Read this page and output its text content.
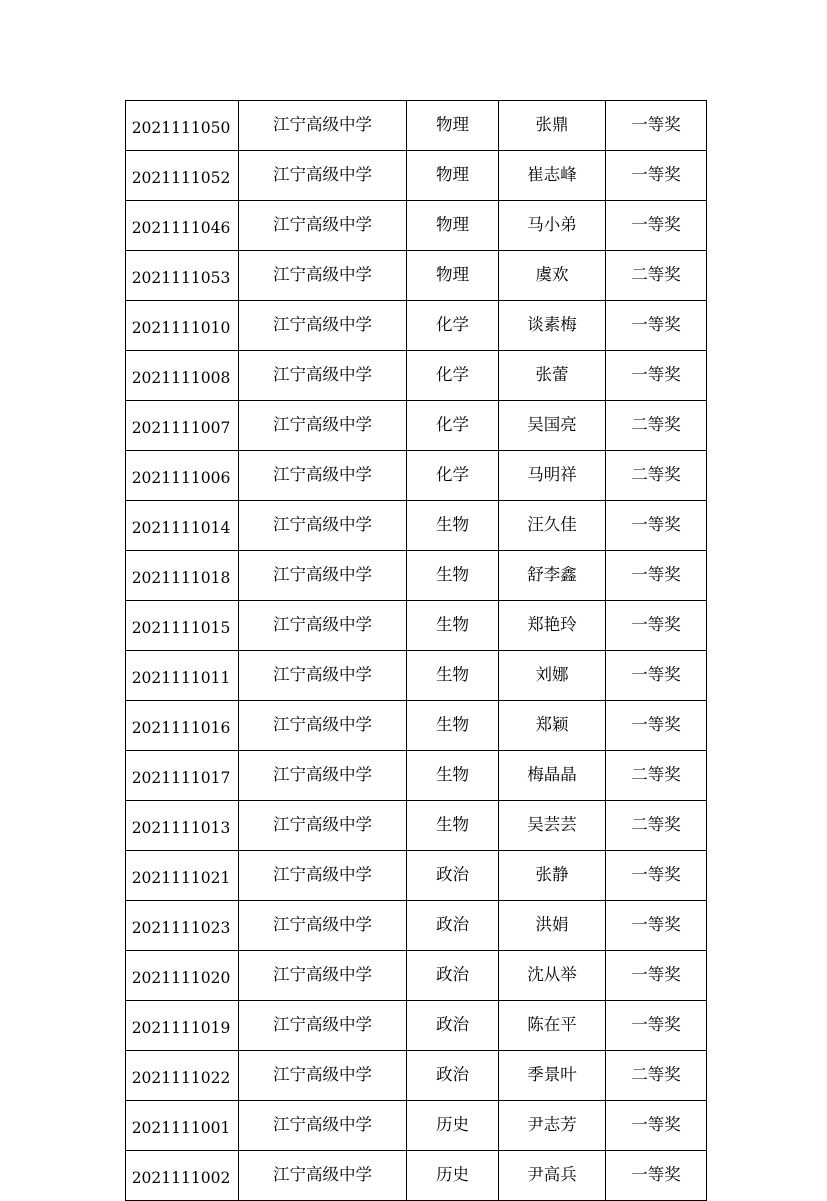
2021111050	江宁高级中学	物理	张鼎	一等奖
2021111052	江宁高级中学	物理	崔志峰	一等奖
2021111046	江宁高级中学	物理	马小弟	一等奖
2021111053	江宁高级中学	物理	虞欢	二等奖
2021111010	江宁高级中学	化学	谈素梅	一等奖
2021111008	江宁高级中学	化学	张蕾	一等奖
2021111007	江宁高级中学	化学	吴国亮	二等奖
2021111006	江宁高级中学	化学	马明祥	二等奖
2021111014	江宁高级中学	生物	汪久佳	一等奖
2021111018	江宁高级中学	生物	舒李鑫	一等奖
2021111015	江宁高级中学	生物	郑艳玲	一等奖
2021111011	江宁高级中学	生物	刘娜	一等奖
2021111016	江宁高级中学	生物	郑颖	一等奖
2021111017	江宁高级中学	生物	梅晶晶	二等奖
2021111013	江宁高级中学	生物	吴芸芸	二等奖
2021111021	江宁高级中学	政治	张静	一等奖
2021111023	江宁高级中学	政治	洪娟	一等奖
2021111020	江宁高级中学	政治	沈从举	一等奖
2021111019	江宁高级中学	政治	陈在平	一等奖
2021111022	江宁高级中学	政治	季景叶	二等奖
2021111001	江宁高级中学	历史	尹志芳	一等奖
2021111002	江宁高级中学	历史	尹高兵	一等奖
